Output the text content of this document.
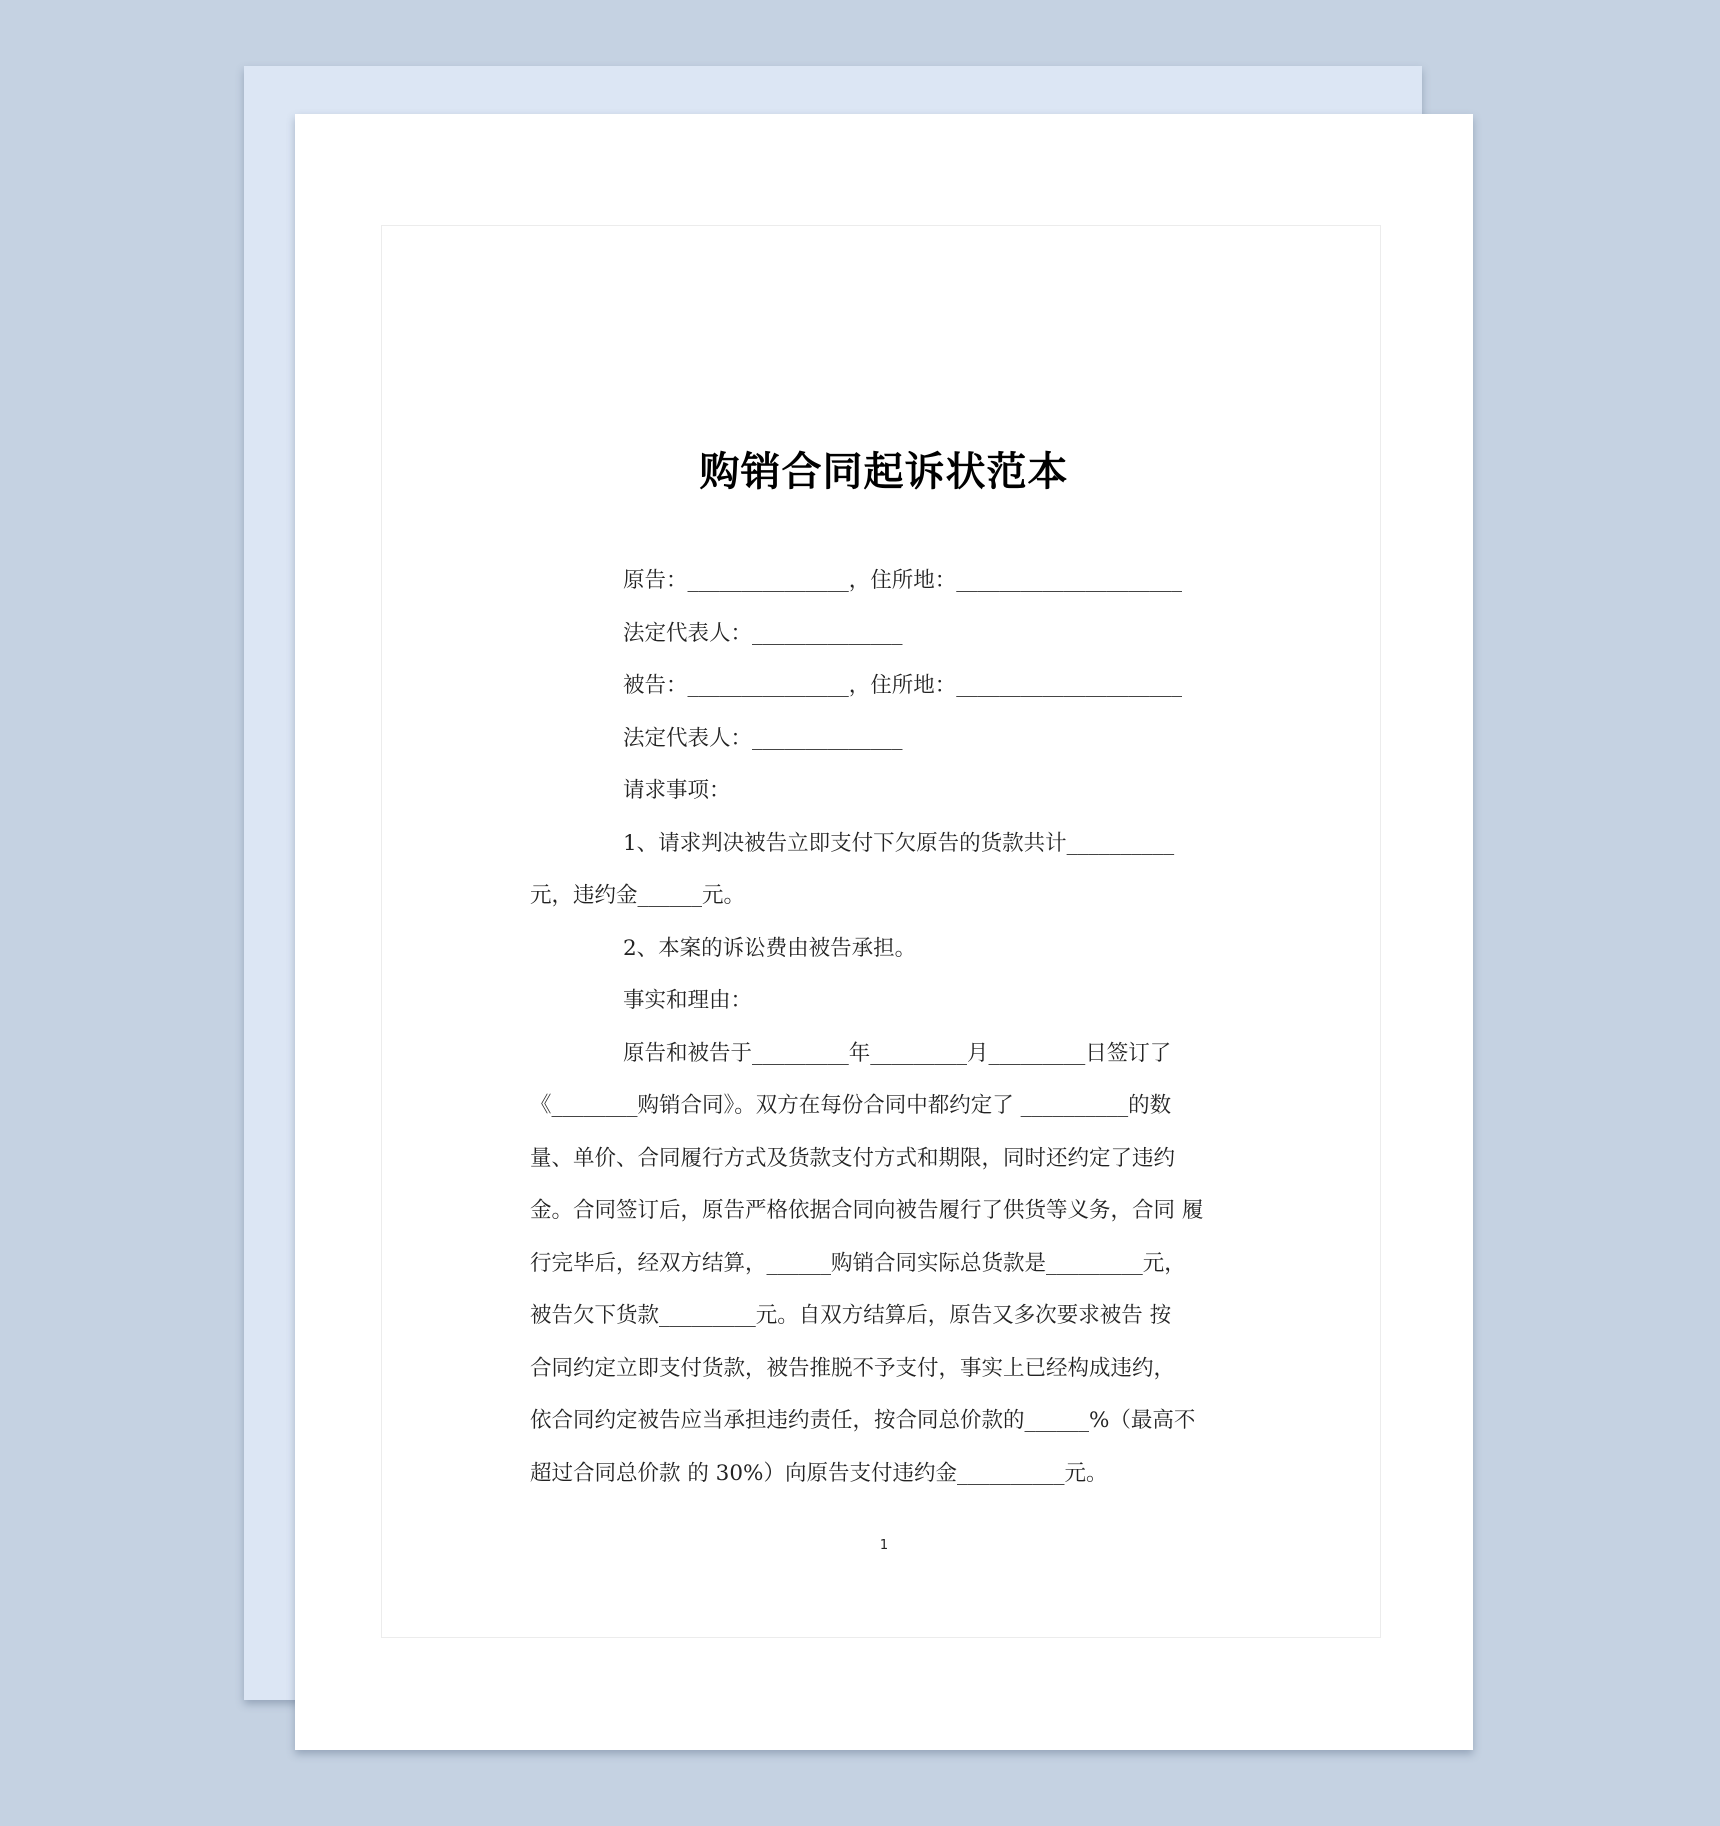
购销合同起诉状范本

原告：_______________，住所地：_____________________

法定代表人：______________

被告：_______________，住所地：_____________________

法定代表人：______________

请求事项：

1、请求判决被告立即支付下欠原告的货款共计__________

元，违约金______元。

2、本案的诉讼费由被告承担。

事实和理由：

原告和被告于_________年_________月_________日签订了

《________购销合同》。双方在每份合同中都约定了 __________的数

量、单价、合同履行方式及货款支付方式和期限，同时还约定了违约

金。合同签订后，原告严格依据合同向被告履行了供货等义务，合同 履

行完毕后，经双方结算，______购销合同实际总货款是_________元，

被告欠下货款_________元。自双方结算后，原告又多次要求被告 按

合同约定立即支付货款，被告推脱不予支付，事实上已经构成违约，

依合同约定被告应当承担违约责任，按合同总价款的______%（最高不

超过合同总价款 的 30%）向原告支付违约金__________元。

1
